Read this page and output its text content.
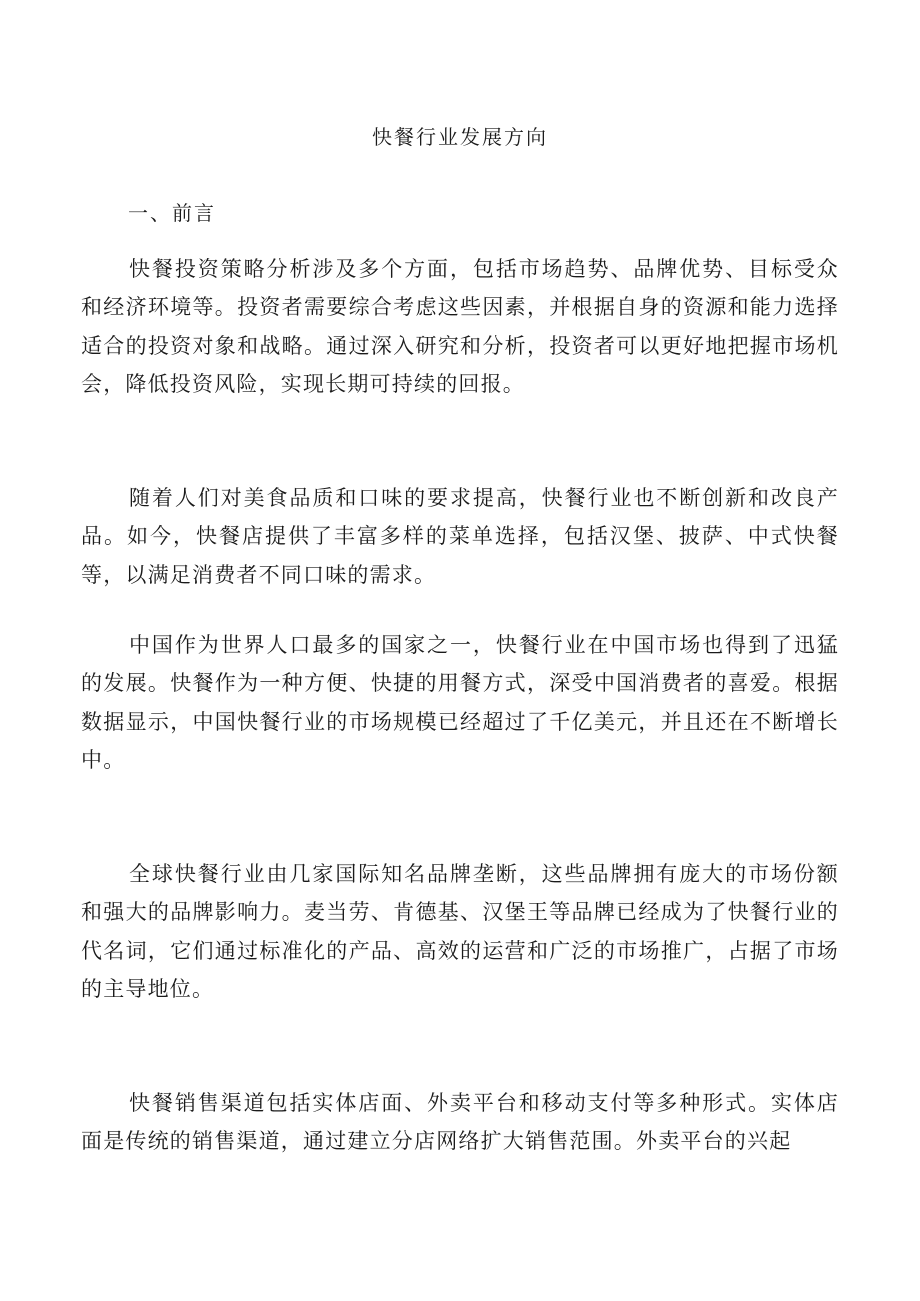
快餐行业发展方向
一、前言

快餐投资策略分析涉及多个方面，包括市场趋势、品牌优势、目标受众和经济环境等。投资者需要综合考虑这些因素，并根据自身的资源和能力选择适合的投资对象和战略。通过深入研究和分析，投资者可以更好地把握市场机会，降低投资风险，实现长期可持续的回报。

随着人们对美食品质和口味的要求提高，快餐行业也不断创新和改良产品。如今，快餐店提供了丰富多样的菜单选择，包括汉堡、披萨、中式快餐等，以满足消费者不同口味的需求。

中国作为世界人口最多的国家之一，快餐行业在中国市场也得到了迅猛的发展。快餐作为一种方便、快捷的用餐方式，深受中国消费者的喜爱。根据数据显示，中国快餐行业的市场规模已经超过了千亿美元，并且还在不断增长中。

全球快餐行业由几家国际知名品牌垄断，这些品牌拥有庞大的市场份额和强大的品牌影响力。麦当劳、肯德基、汉堡王等品牌已经成为了快餐行业的代名词，它们通过标准化的产品、高效的运营和广泛的市场推广，占据了市场的主导地位。

快餐销售渠道包括实体店面、外卖平台和移动支付等多种形式。实体店面是传统的销售渠道，通过建立分店网络扩大销售范围。外卖平台的兴起
